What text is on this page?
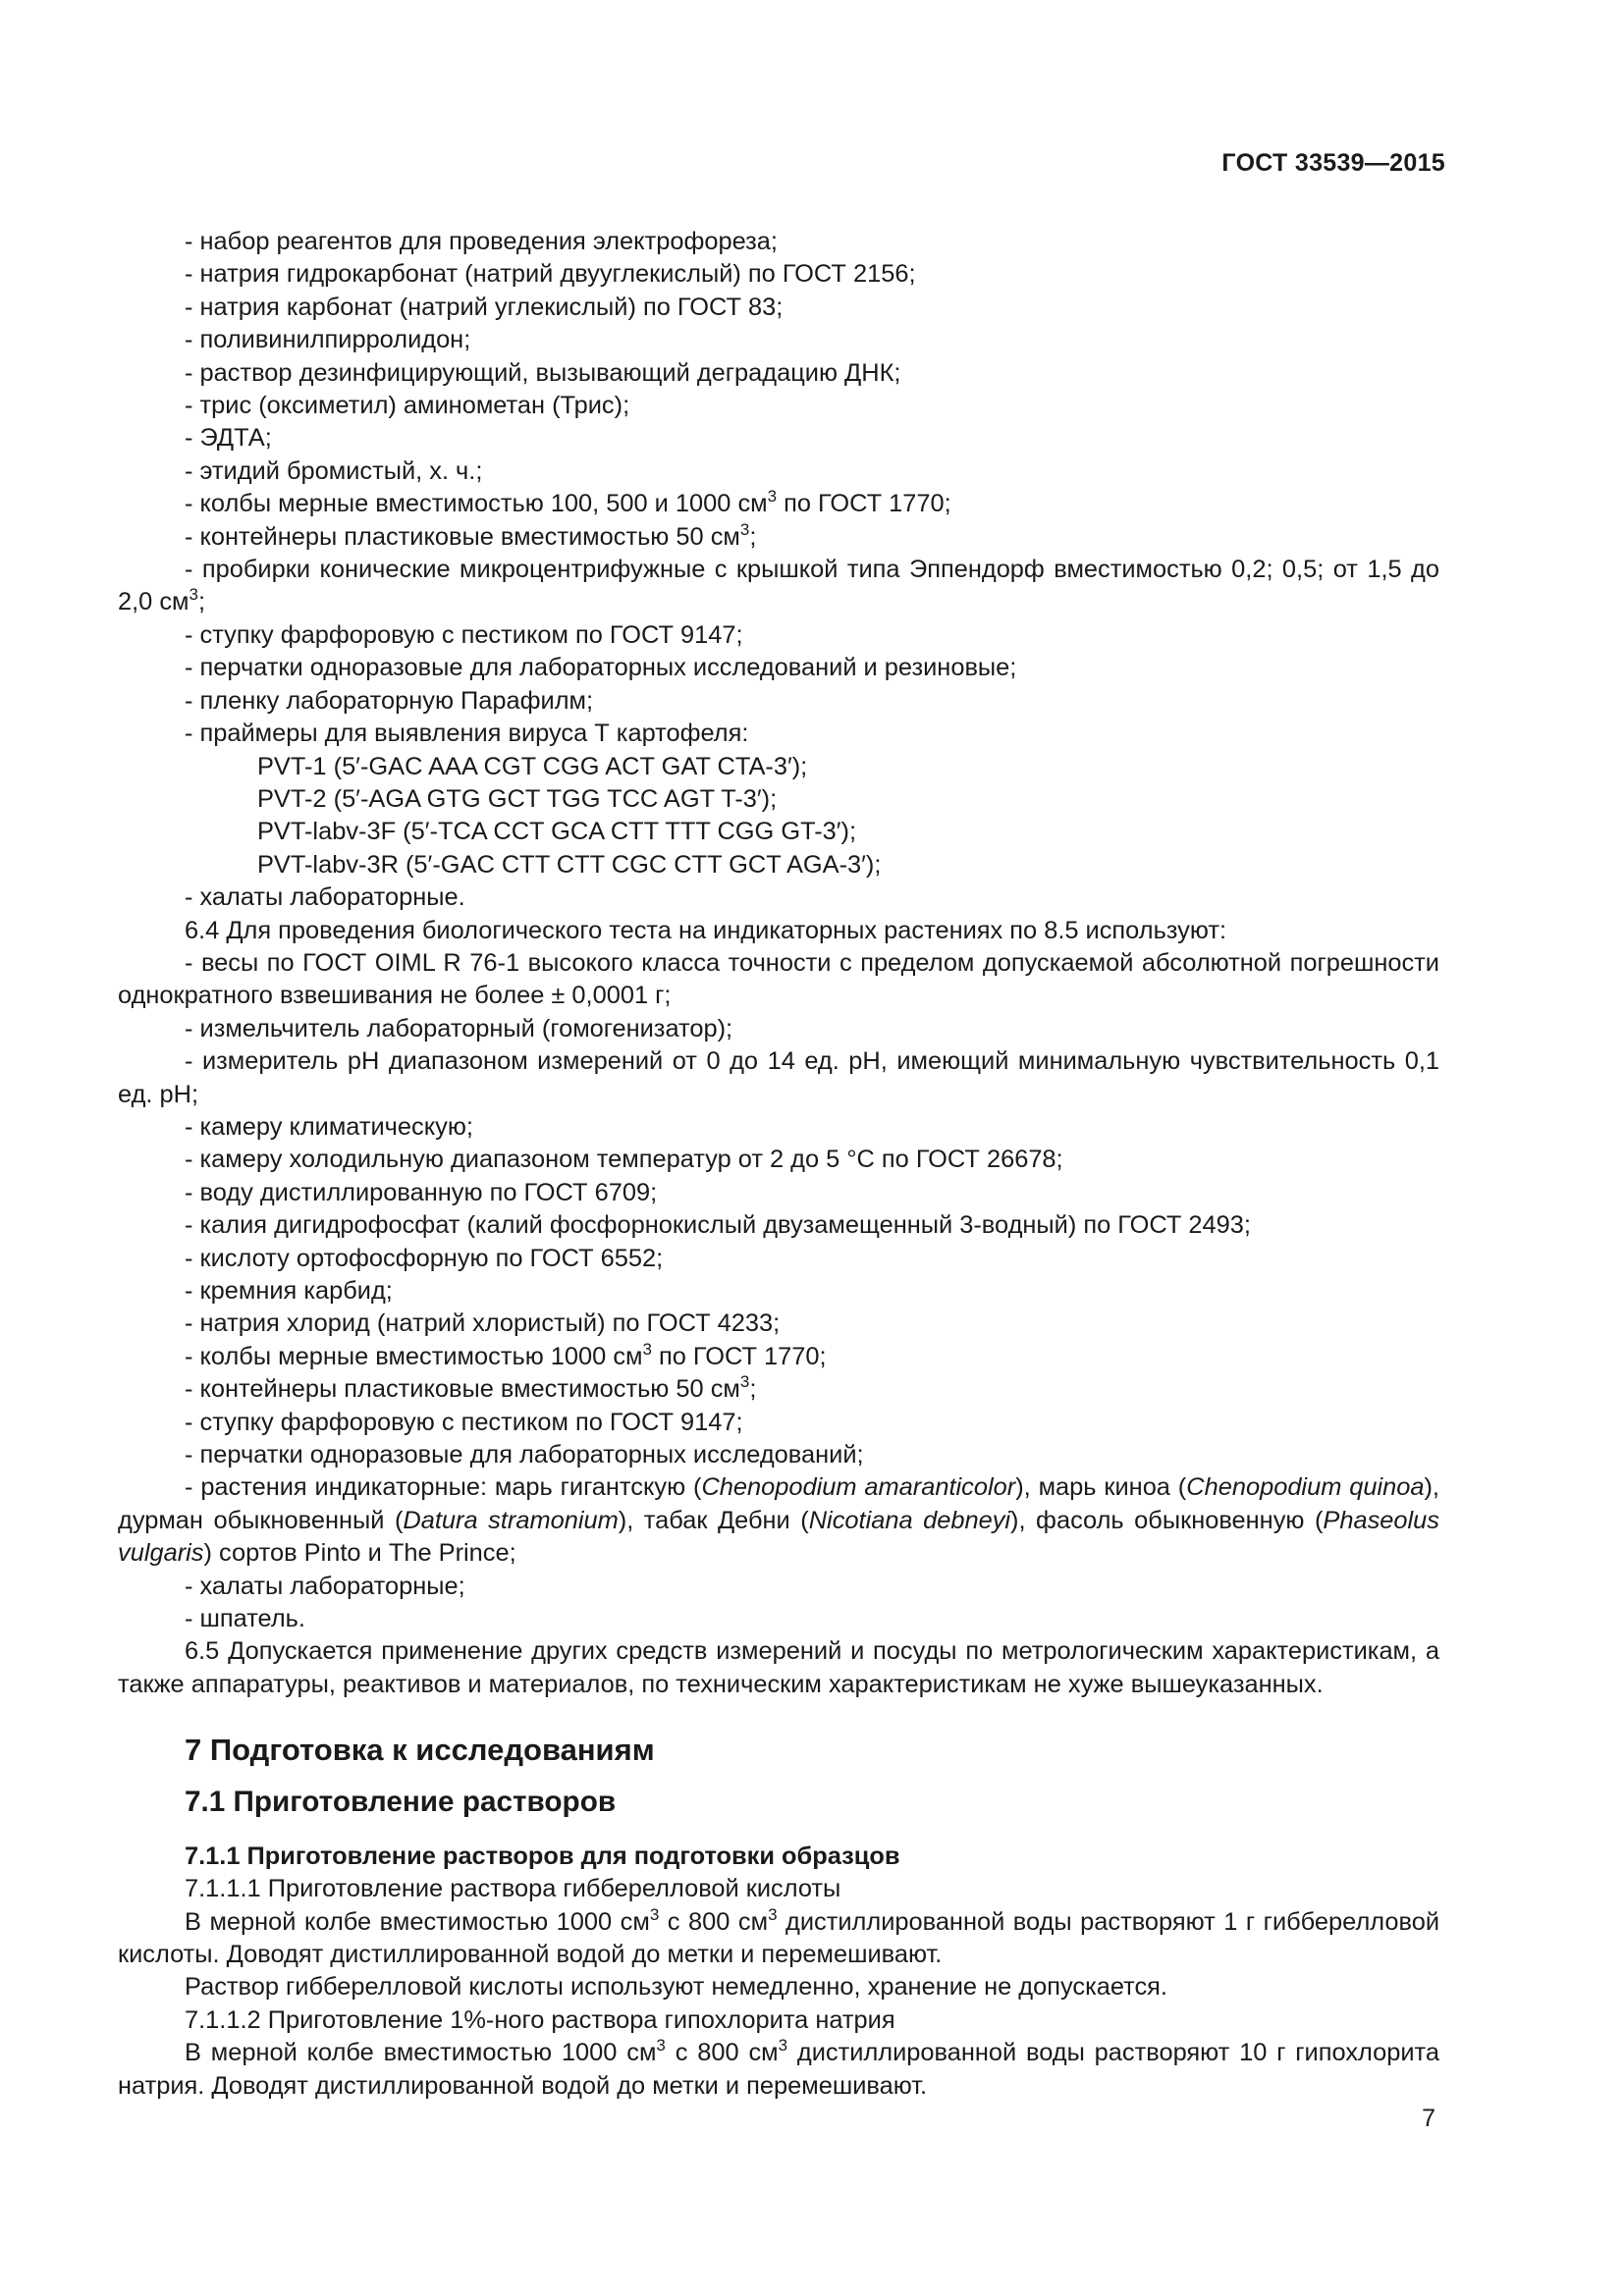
ГОСТ 33539—2015

- набор реагентов для проведения электрофореза;

- натрия гидрокарбонат (натрий двууглекислый) по ГОСТ 2156;

- натрия карбонат (натрий углекислый) по ГОСТ 83;

- поливинилпирролидон;

- раствор дезинфицирующий, вызывающий деградацию ДНК;

- трис (оксиметил) аминометан (Трис);

- ЭДТА;

- этидий бромистый, х. ч.;

- колбы мерные вместимостью 100, 500 и 1000 $см^3$ по ГОСТ 1770;

- контейнеры пластиковые вместимостью 50 $см^3$;

- пробирки конические микроцентрифужные с крышкой типа Эппендорф вместимостью 0,2; 0,5; от 1,5 до 2,0 $см^3$;

- ступку фарфоровую с пестиком по ГОСТ 9147;

- перчатки одноразовые для лабораторных исследований и резиновые;

- пленку лабораторную Парафилм;

- праймеры для выявления вируса Т картофеля:

PVT-1 (5′-GAC AAA CGT CGG ACT GAT CTA-3′);

PVT-2 (5′-AGA GTG GCT TGG TCC AGT T-3′);

PVT-labv-3F (5′-TCA CCT GCA CTT TTT CGG GT-3′);

PVT-labv-3R (5′-GAC CTT CTT CGC CTT GCT AGA-3′);

- халаты лабораторные.

6.4 Для проведения биологического теста на индикаторных растениях по 8.5 используют:

- весы по ГОСТ OIML R 76-1 высокого класса точности с пределом допускаемой абсолютной погрешности однократного взвешивания не более ± 0,0001 г;

- измельчитель лабораторный (гомогенизатор);

- измеритель pH диапазоном измерений от 0 до 14 ед. pH, имеющий минимальную чувствительность 0,1 ед. pH;

- камеру климатическую;

- камеру холодильную диапазоном температур от 2 до 5 °C по ГОСТ 26678;

- воду дистиллированную по ГОСТ 6709;

- калия дигидрофосфат (калий фосфорнокислый двузамещенный 3-водный) по ГОСТ 2493;

- кислоту ортофосфорную по ГОСТ 6552;

- кремния карбид;

- натрия хлорид (натрий хлористый) по ГОСТ 4233;

- колбы мерные вместимостью 1000 $см^3$ по ГОСТ 1770;

- контейнеры пластиковые вместимостью 50 $см^3$;

- ступку фарфоровую с пестиком по ГОСТ 9147;

- перчатки одноразовые для лабораторных исследований;

- растения индикаторные: марь гигантскую (Chenopodium amaranticolor), марь киноа (Chenopodium quinoa), дурман обыкновенный (Datura stramonium), табак Дебни (Nicotiana debneyi), фасоль обыкновенную (Phaseolus vulgaris) сортов Pinto и The Prince;

- халаты лабораторные;

- шпатель.

6.5 Допускается применение других средств измерений и посуды по метрологическим характеристикам, а также аппаратуры, реактивов и материалов, по техническим характеристикам не хуже вышеуказанных.

7 Подготовка к исследованиям
7.1 Приготовление растворов
7.1.1 Приготовление растворов для подготовки образцов

7.1.1.1 Приготовление раствора гибберелловой кислоты

В мерной колбе вместимостью 1000 $см^3$ с 800 $см^3$ дистиллированной воды растворяют 1 г гибберелловой кислоты. Доводят дистиллированной водой до метки и перемешивают.

Раствор гибберелловой кислоты используют немедленно, хранение не допускается.

7.1.1.2 Приготовление 1%-ного раствора гипохлорита натрия

В мерной колбе вместимостью 1000 $см^3$ с 800 $см^3$ дистиллированной воды растворяют 10 г гипохлорита натрия. Доводят дистиллированной водой до метки и перемешивают.

7
